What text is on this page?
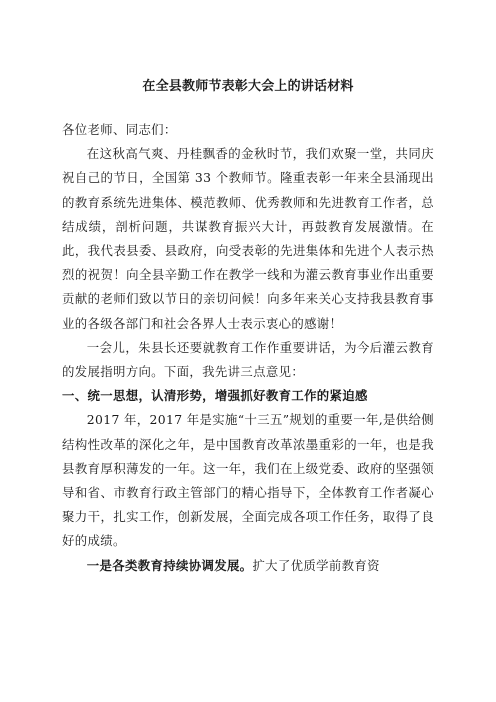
在全县教师节表彰大会上的讲话材料

各位老师、同志们：

在这秋高气爽、丹桂飘香的金秋时节，我们欢聚一堂，共同庆祝自己的节日，全国第 33 个教师节。隆重表彰一年来全县涌现出的教育系统先进集体、模范教师、优秀教师和先进教育工作者，总结成绩，剖析问题，共谋教育振兴大计，再鼓教育发展激情。在此，我代表县委、县政府，向受表彰的先进集体和先进个人表示热烈的祝贺！向全县辛勤工作在教学一线和为灌云教育事业作出重要贡献的老师们致以节日的亲切问候！向多年来关心支持我县教育事业的各级各部门和社会各界人士表示衷心的感谢！

一会儿，朱县长还要就教育工作作重要讲话，为今后灌云教育的发展指明方向。下面，我先讲三点意见：

一、统一思想，认清形势，增强抓好教育工作的紧迫感

2017 年，2017 年是实施“十三五”规划的重要一年,是供给侧结构性改革的深化之年，是中国教育改革浓墨重彩的一年，也是我县教育厚积薄发的一年。这一年，我们在上级党委、政府的坚强领导和省、市教育行政主管部门的精心指导下，全体教育工作者凝心聚力干，扎实工作，创新发展，全面完成各项工作任务，取得了良好的成绩。

一是各类教育持续协调发展。扩大了优质学前教育资
